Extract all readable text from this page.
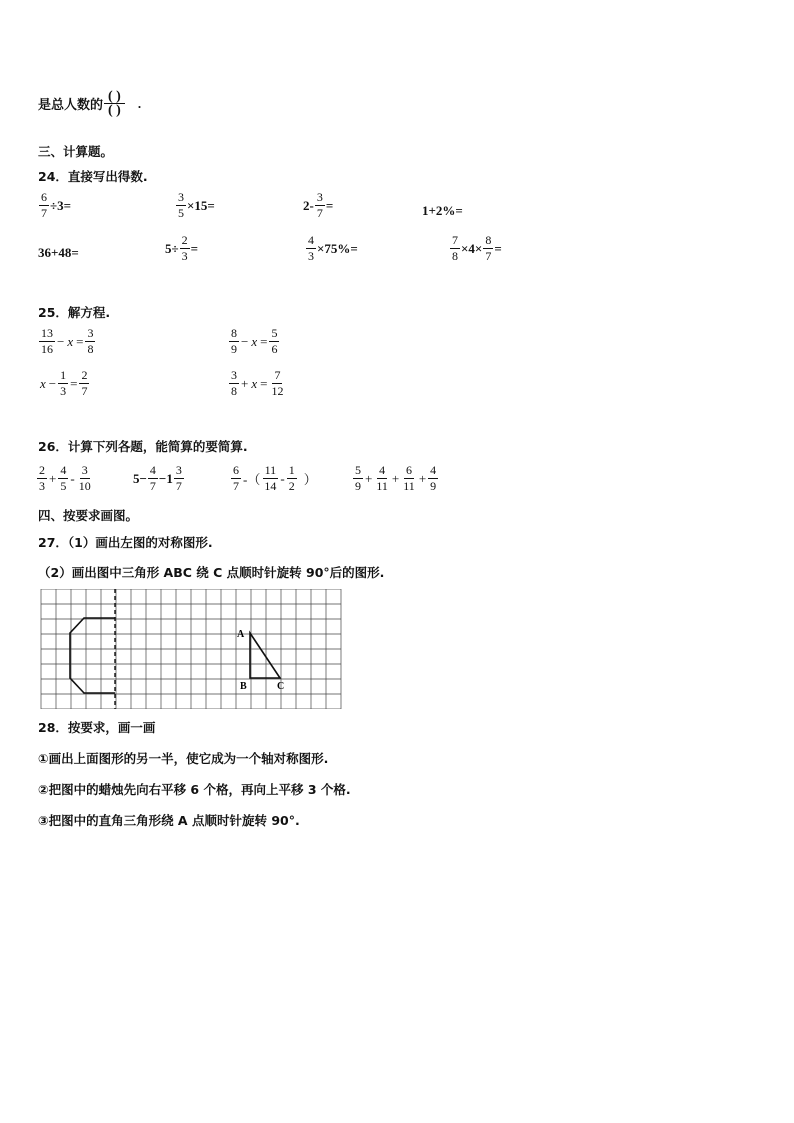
是总人数的 $\frac{( )}{( )}$ .
三、计算题。
24．直接写出得数.
$\frac{6}{7} \div 3=$	$\frac{3}{5} \times 15=$	$2- \frac{3}{7}$ =	1+2%=
36+48=	$5\div \frac{2}{3}$ =	$\frac{4}{3} \times 75\%=$	$\frac{7}{8} \times 4\times \frac{8}{7}$ =
25．解方程.
$\frac{13}{16} - x = \frac{3}{8}$	$\frac{8}{9} - x = \frac{5}{6}$
$x - \frac{1}{3} = \frac{2}{7}$	$\frac{3}{8} + x = \frac{7}{12}$
26．计算下列各题，能简算的要简算.
$\frac{2}{3} + \frac{4}{5} - \frac{3}{10}$	$5- \frac{4}{7} -1 \frac{3}{7}$	$\frac{6}{7}$ -（ $\frac{11}{14} - \frac{1}{2}$ ）	$\frac{5}{9} + \frac{4}{11} + \frac{6}{11} + \frac{4}{9}$
四、按要求画图。
27．（1）画出左图的对称图形.
（2）画出图中三角形 ABC 绕 C 点顺时针旋转 90°后的图形.
A
B	C
28．按要求，画一画
①画出上面图形的另一半，使它成为一个轴对称图形.
②把图中的蜡烛先向右平移 6 个格，再向上平移 3 个格.
③把图中的直角三角形绕 A 点顺时针旋转 90°.
